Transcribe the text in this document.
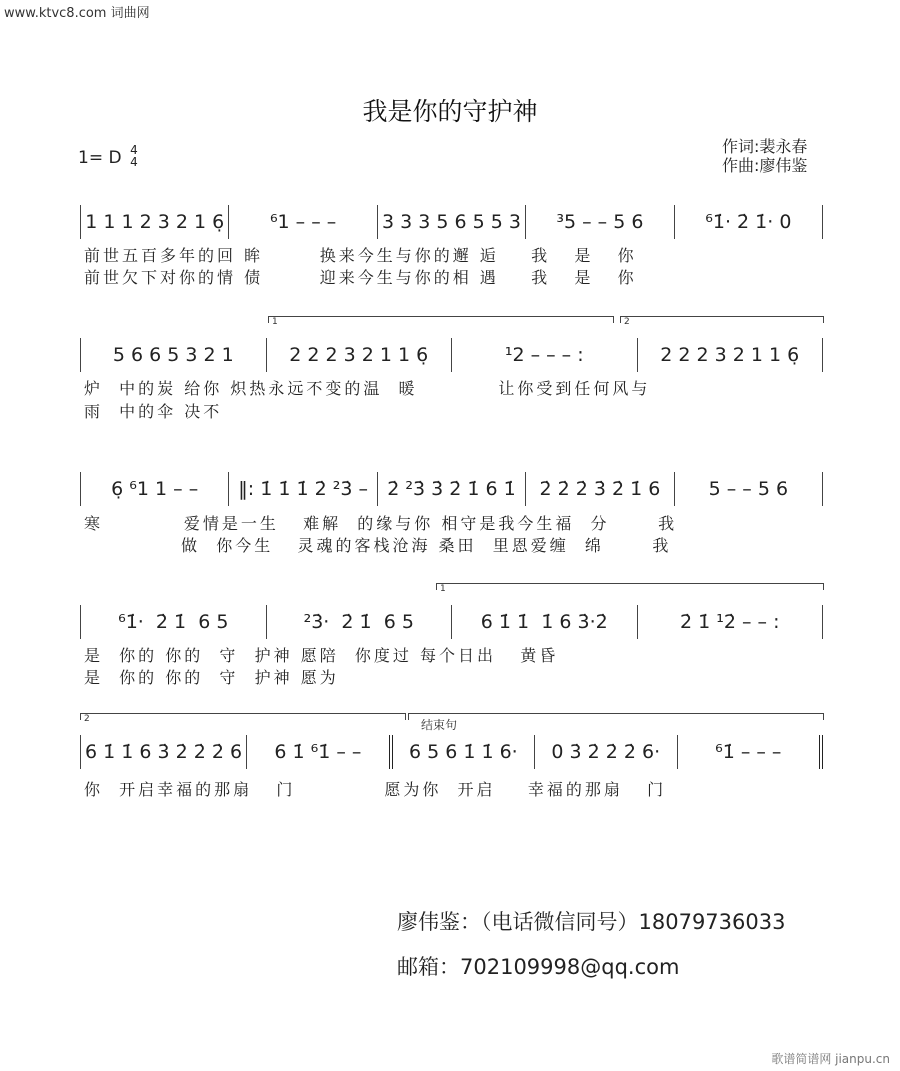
www.ktvc8.com 词曲网
我是你的守护神
作词:裴永春
作曲:廖伟鉴
1= D 4
4
1 1 1 2 3 2 1 6̣ ⁶1 – – – 3 3 3 5 6 5 5 3 ³5 – – 5 6	⁶1̇· 2̇ 1̇· 0
前世五百多年的回 眸       换来今生与你的邂 逅    我   是   你
前世欠下对你的情 债       迎来今生与你的相 遇    我   是   你
5 6 6 5 3 2 1	2 2 2 3 2 1 1 6̣	¹2 – – – :	2 2 2 3 2 1 1 6̣
炉  中的炭 给你 炽热永远不变的温  暖          让你受到任何风与
雨  中的伞 决不
1	2
6̣ ⁶1 1 – – ‖: 1̇ 1̇ 1̇ 2̇ ²3̇ – 2̇ ²3̇ 3̇ 2̇ 1̇ 6 1̇ 2̇ 2̇ 2̇ 3̇ 2̇ 1̇ 6	5 – – 5 6
寒          爱情是一生   难解  的缘与你 相守是我今生福  分      我
做  你今生   灵魂的客栈沧海 桑田  里恩爱缠  绵      我
⁶1̇·  2̇ 1̇  6 5	²3̇·  2̇ 1̇  6 5	6 1̇ 1̇  1̇ 6 3̇·2̇	2̇ 1̇ ¹2̇ – – :
是  你的 你的  守  护神 愿陪  你度过 每个日出   黄昏
是  你的 你的  守  护神 愿为
1
6 1̇ 1̇ 6 3̇ 2̇ 2̇ 2̇ 6 6 1̇ ⁶1̇ – –	6 5 6 1̇ 1̇ 6· 0 3̇ 2̇ 2̇ 2̇ 6·	⁶1̇ – – –
你  开启幸福的那扇   门           愿为你  开启    幸福的那扇   门
2	结束句
廖伟鉴：（电话微信同号）18079736033
邮箱：702109998@qq.com
歌谱简谱网 jianpu.cn
